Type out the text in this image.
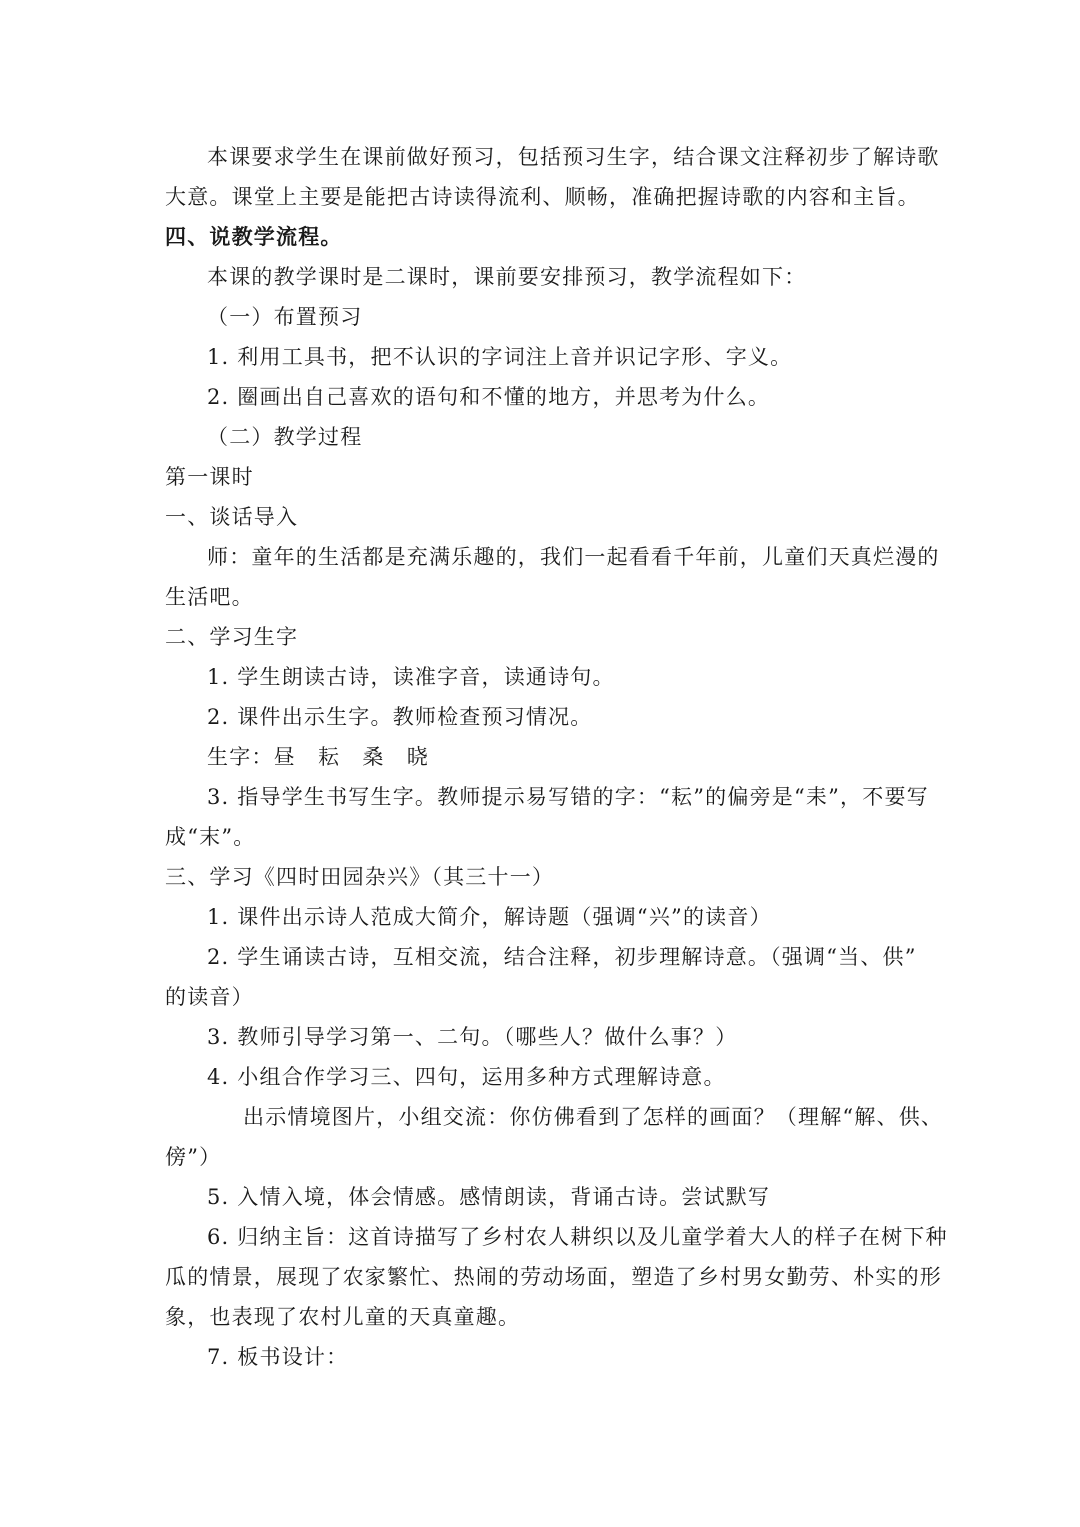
本课要求学生在课前做好预习，包括预习生字，结合课文注释初步了解诗歌
大意。课堂上主要是能把古诗读得流利、顺畅，准确把握诗歌的内容和主旨。
四、说教学流程。
本课的教学课时是二课时，课前要安排预习，教学流程如下：
（一）布置预习
1. 利用工具书，把不认识的字词注上音并识记字形、字义。
2. 圈画出自己喜欢的语句和不懂的地方，并思考为什么。
（二）教学过程
第一课时
一、谈话导入
师：童年的生活都是充满乐趣的，我们一起看看千年前，儿童们天真烂漫的
生活吧。
二、学习生字
1. 学生朗读古诗，读准字音，读通诗句。
2. 课件出示生字。教师检查预习情况。
生字：昼　耘　桑　晓
3. 指导学生书写生字。教师提示易写错的字：“耘”的偏旁是“耒”，不要写
成“末”。
三、学习《四时田园杂兴》（其三十一）
1. 课件出示诗人范成大简介，解诗题（强调“兴”的读音）
2. 学生诵读古诗，互相交流，结合注释，初步理解诗意。（强调“当、供”
的读音）
3. 教师引导学习第一、二句。（哪些人？做什么事？）
4. 小组合作学习三、四句，运用多种方式理解诗意。
出示情境图片，小组交流：你仿佛看到了怎样的画面？（理解“解、供、
傍”）
5. 入情入境，体会情感。感情朗读，背诵古诗。尝试默写
6. 归纳主旨：这首诗描写了乡村农人耕织以及儿童学着大人的样子在树下种
瓜的情景，展现了农家繁忙、热闹的劳动场面，塑造了乡村男女勤劳、朴实的形
象，也表现了农村儿童的天真童趣。
7. 板书设计：
